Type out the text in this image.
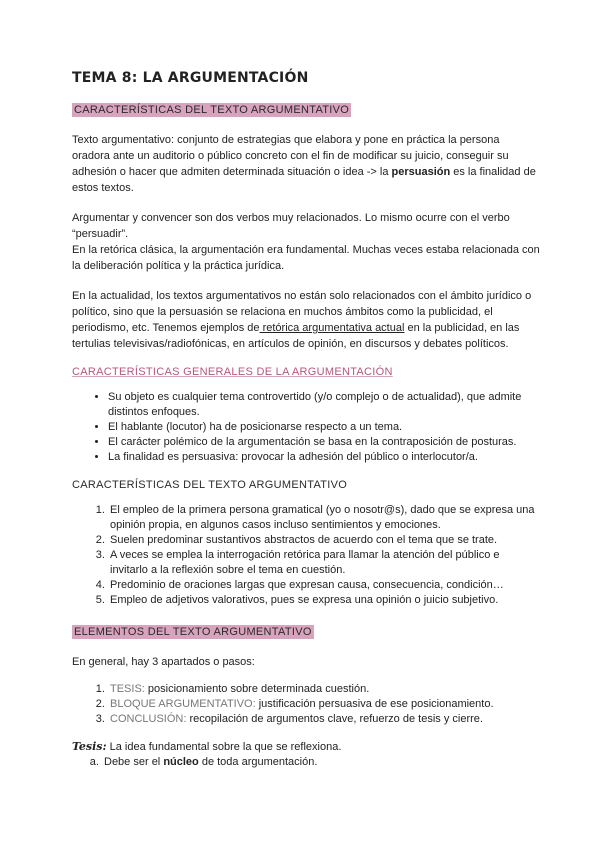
TEMA 8: LA ARGUMENTACIÓN
CARACTERÍSTICAS DEL TEXTO ARGUMENTATIVO

Texto argumentativo: conjunto de estrategias que elabora y pone en práctica la persona oradora ante un auditorio o público concreto con el fin de modificar su juicio, conseguir su adhesión o hacer que admiten determinada situación o idea -> la persuasión es la finalidad de estos textos.

Argumentar y convencer son dos verbos muy relacionados. Lo mismo ocurre con el verbo “persuadir”.

En la retórica clásica, la argumentación era fundamental. Muchas veces estaba relacionada con la deliberación política y la práctica jurídica.

En la actualidad, los textos argumentativos no están solo relacionados con el ámbito jurídico o político, sino que la persuasión se relaciona en muchos ámbitos como la publicidad, el periodismo, etc. Tenemos ejemplos de retórica argumentativa actual en la publicidad, en las tertulias televisivas/radiofónicas, en artículos de opinión, en discursos y debates políticos.

CARACTERÍSTICAS GENERALES DE LA ARGUMENTACIÓN
• Su objeto es cualquier tema controvertido (y/o complejo o de actualidad), que admite distintos enfoques.
• El hablante (locutor) ha de posicionarse respecto a un tema.
• El carácter polémico de la argumentación se basa en la contraposición de posturas.
• La finalidad es persuasiva: provocar la adhesión del público o interlocutor/a.
CARACTERÍSTICAS DEL TEXTO ARGUMENTATIVO
1. El empleo de la primera persona gramatical (yo o nosotr@s), dado que se expresa una opinión propia, en algunos casos incluso sentimientos y emociones.
2. Suelen predominar sustantivos abstractos de acuerdo con el tema que se trate.
3. A veces se emplea la interrogación retórica para llamar la atención del público e invitarlo a la reflexión sobre el tema en cuestión.
4. Predominio de oraciones largas que expresan causa, consecuencia, condición…
5. Empleo de adjetivos valorativos, pues se expresa una opinión o juicio subjetivo.
ELEMENTOS DEL TEXTO ARGUMENTATIVO

En general, hay 3 apartados o pasos:

1. TESIS: posicionamiento sobre determinada cuestión.
2. BLOQUE ARGUMENTATIVO: justificación persuasiva de ese posicionamiento.
3. CONCLUSIÓN: recopilación de argumentos clave, refuerzo de tesis y cierre.

Tesis: La idea fundamental sobre la que se reflexiona.

a. Debe ser el núcleo de toda argumentación.
